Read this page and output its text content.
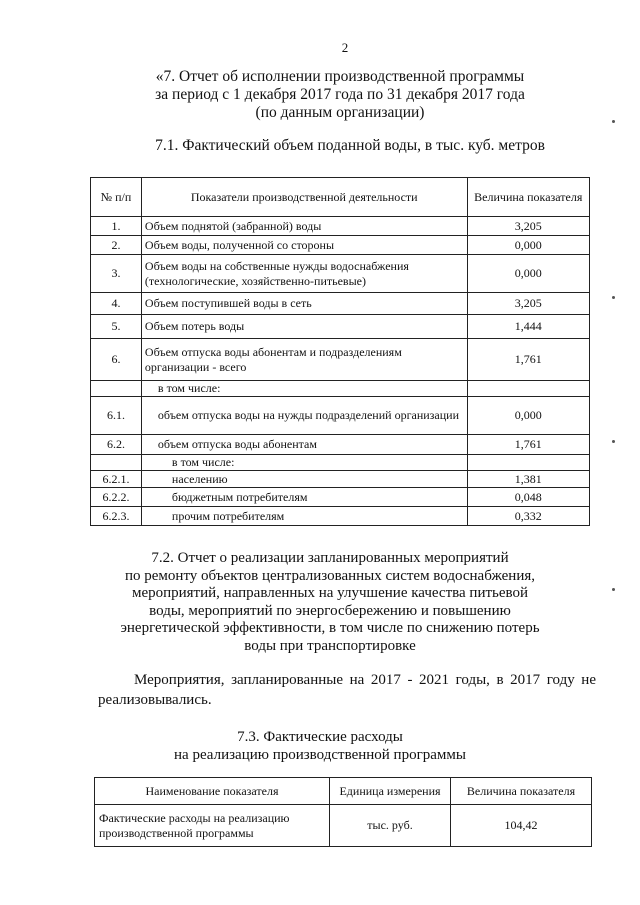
2
«7. Отчет об исполнении производственной программы
за период с 1 декабря 2017 года по 31 декабря 2017 года
(по данным организации)
7.1. Фактический объем поданной воды, в тыс. куб. метров
№ п/п	Показатели производственной деятельности	Величина показателя
1.	Объем поднятой (забранной) воды	3,205
2.	Объем воды, полученной со стороны	0,000
3.	Объем воды на собственные нужды водоснабжения (технологические, хозяйственно-питьевые)	0,000
4.	Объем поступившей воды в сеть	3,205
5.	Объем потерь воды	1,444
6.	Объем отпуска воды абонентам и подразделениям организации - всего	1,761
	в том числе:	
6.1.	объем отпуска воды на нужды подразделений организации	0,000
6.2.	объем отпуска воды абонентам	1,761
	в том числе:	
6.2.1.	населению	1,381
6.2.2.	бюджетным потребителям	0,048
6.2.3.	прочим потребителям	0,332
7.2. Отчет о реализации запланированных мероприятий
по ремонту объектов централизованных систем водоснабжения,
мероприятий, направленных на улучшение качества питьевой
воды, мероприятий по энергосбережению и повышению
энергетической эффективности, в том числе по снижению потерь
воды при транспортировке
Мероприятия, запланированные на 2017 - 2021 годы, в 2017 году не реализовывались.
7.3. Фактические расходы
на реализацию производственной программы
Наименование показателя	Единица измерения	Величина показателя
Фактические расходы на реализацию производственной программы	тыс. руб.	104,42
